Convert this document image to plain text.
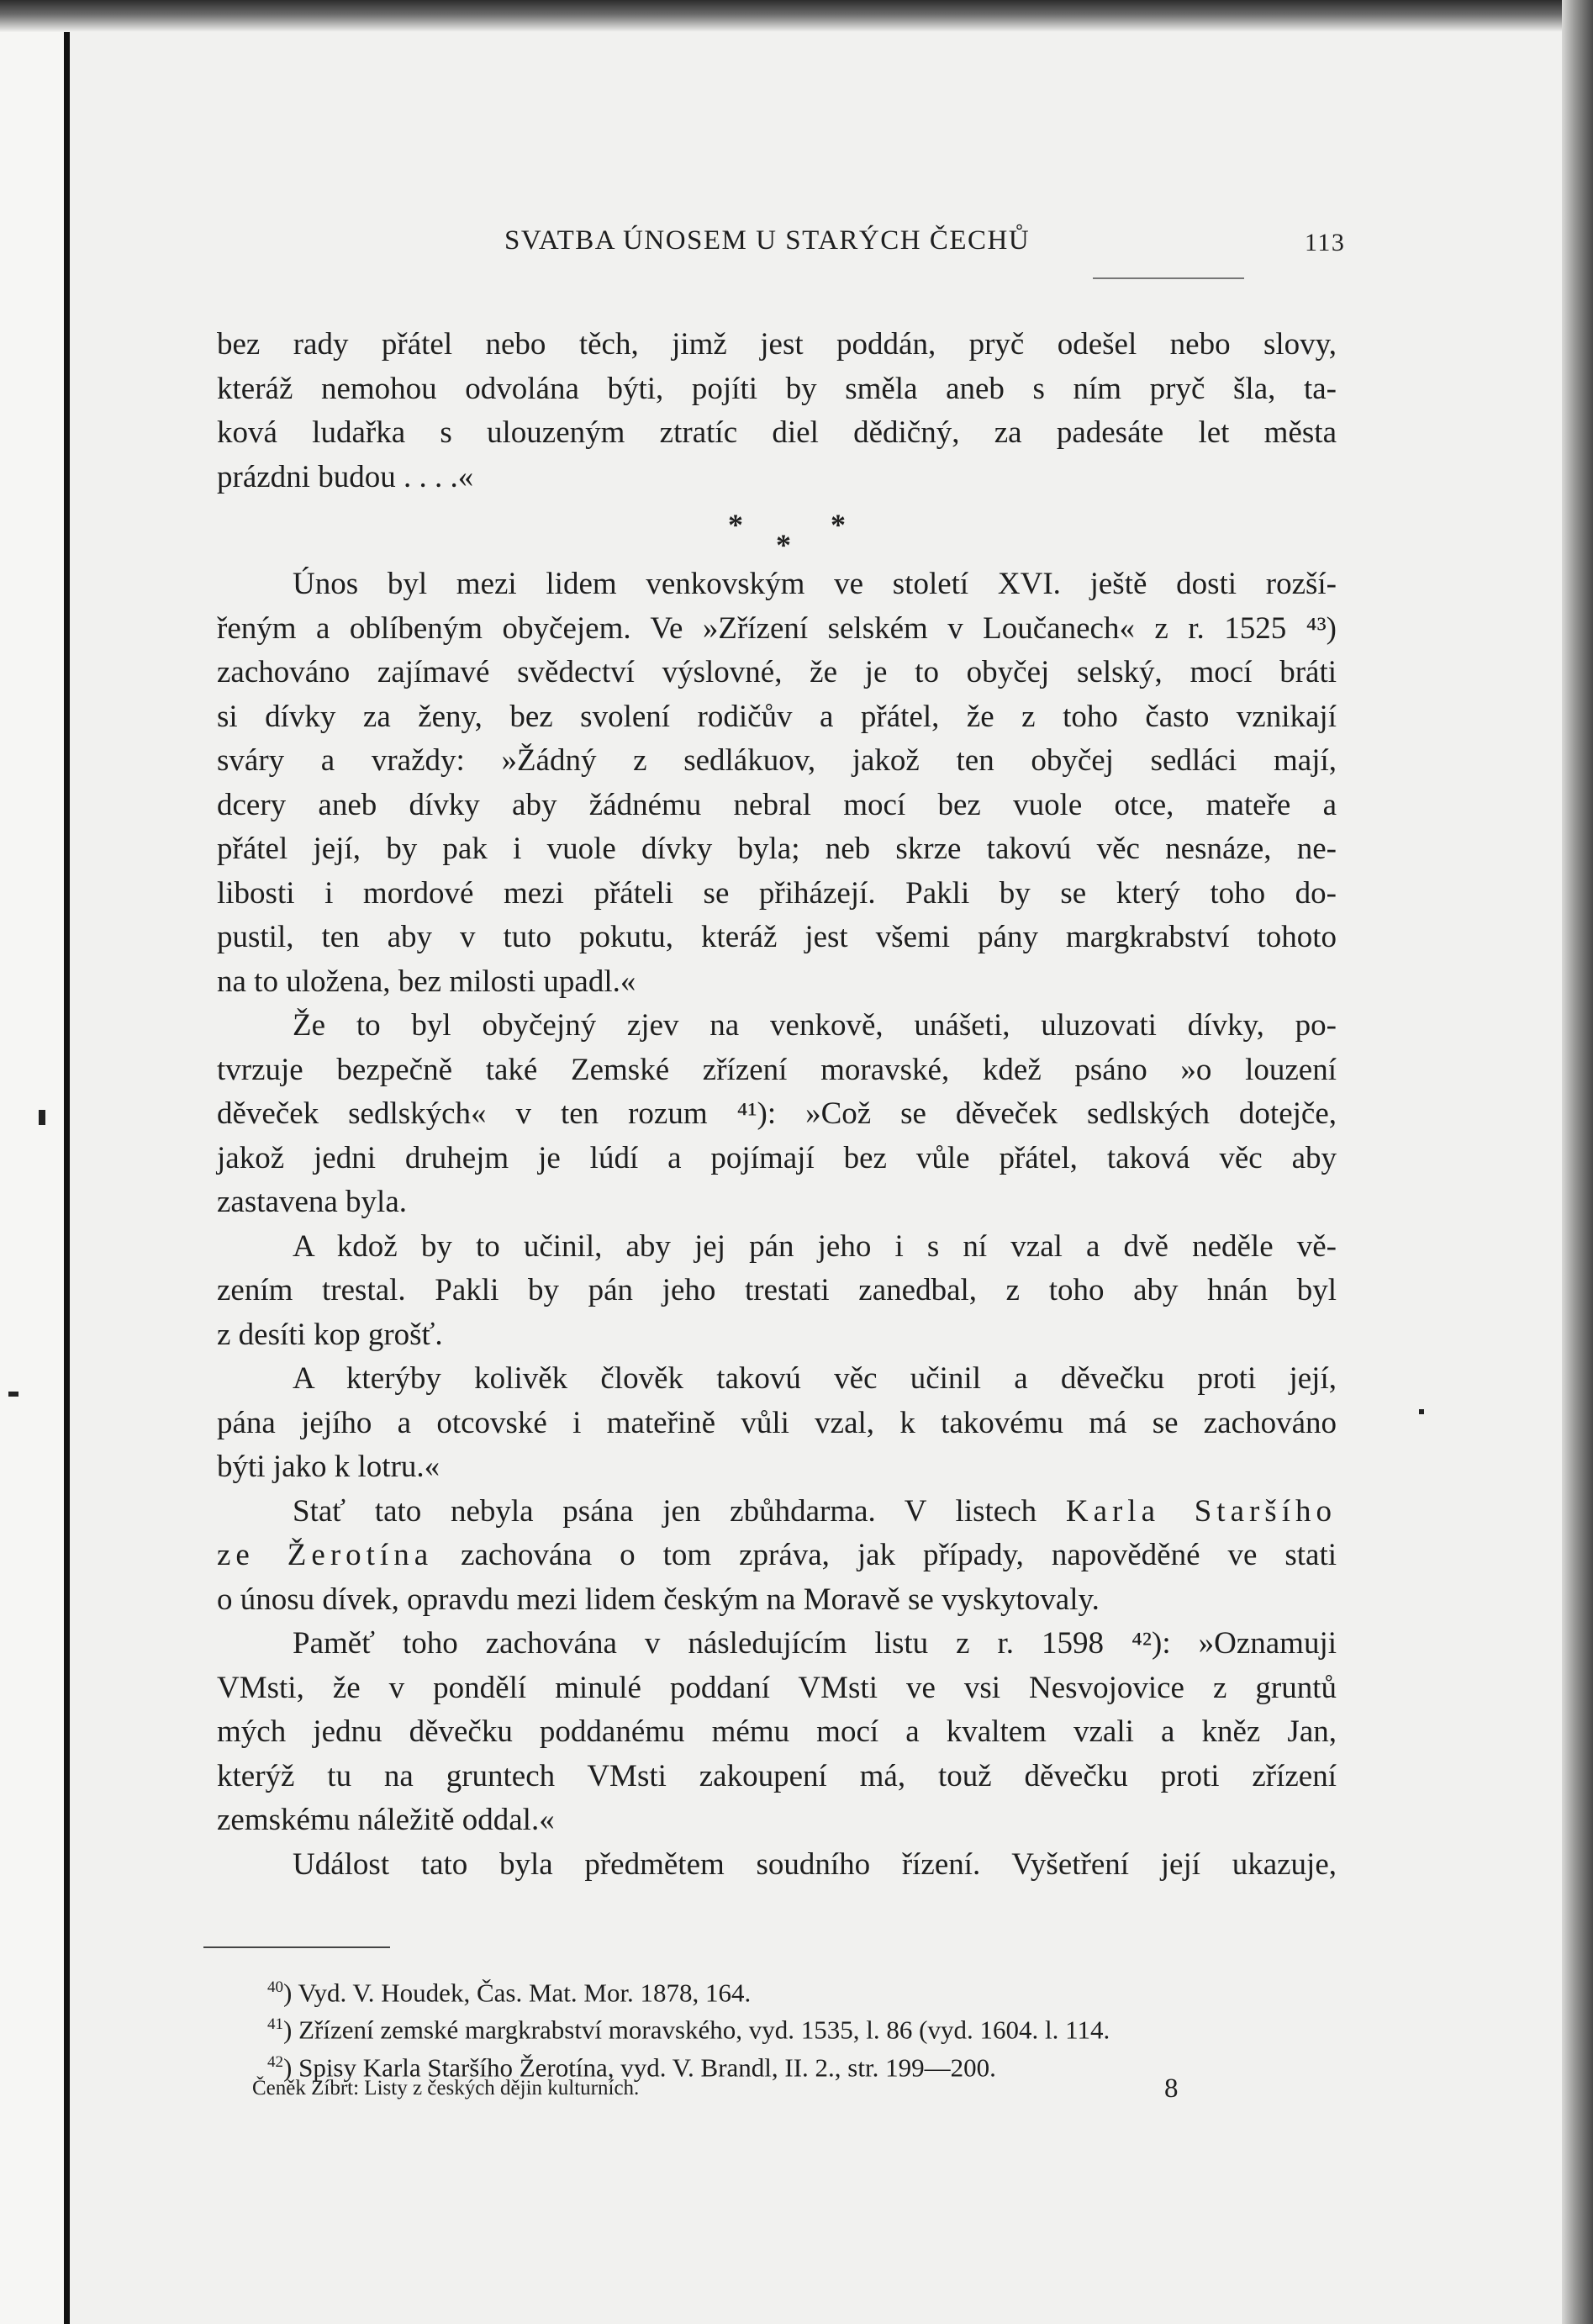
SVATBA ÚNOSEM U STARÝCH ČECHŮ	113

bez rady přátel nebo těch, jimž jest poddán, pryč odešel nebo slovy,

kteráž nemohou odvolána býti, pojíti by směla aneb s ním pryč šla, ta-

ková ludařka s ulouzeným ztratíc diel dědičný, za padesáte let města

prázdni budou . . . .«

*
*
*

Únos byl mezi lidem venkovským ve století XVI. ještě dosti rozší-

řeným a oblíbeným obyčejem. Ve »Zřízení selském v Loučanech« z r. 1525 ⁴³)

zachováno zajímavé svědectví výslovné, že je to obyčej selský, mocí bráti

si dívky za ženy, bez svolení rodičův a přátel, že z toho často vznikají

sváry a vraždy: »Žádný z sedlákuov, jakož ten obyčej sedláci mají,

dcery aneb dívky aby žádnému nebral mocí bez vuole otce, mateře a

přátel její, by pak i vuole dívky byla; neb skrze takovú věc nesnáze, ne-

libosti i mordové mezi přáteli se přiházejí. Pakli by se který toho do-

pustil, ten aby v tuto pokutu, kteráž jest všemi pány margkrabství tohoto

na to uložena, bez milosti upadl.«

Že to byl obyčejný zjev na venkově, unášeti, uluzovati dívky, po-

tvrzuje bezpečně také Zemské zřízení moravské, kdež psáno »o louzení

děveček sedlských« v ten rozum ⁴¹): »Což se děveček sedlských dotejče,

jakož jedni druhejm je lúdí a pojímají bez vůle přátel, taková věc aby

zastavena byla.

A kdož by to učinil, aby jej pán jeho i s ní vzal a dvě neděle vě-

zením trestal. Pakli by pán jeho trestati zanedbal, z toho aby hnán byl

z desíti kop grošť.

A kterýby kolivěk člověk takovú věc učinil a děvečku proti její,

pána jejího a otcovské i mateřině vůli vzal, k takovému má se zachováno

býti jako k lotru.«

Stať tato nebyla psána jen zbůhdarma. V listech Karla Staršího

ze Žerotína zachována o tom zpráva, jak případy, napověděné ve stati

o únosu dívek, opravdu mezi lidem českým na Moravě se vyskytovaly.

Paměť toho zachována v následujícím listu z r. 1598 ⁴²): »Oznamuji

VMsti, že v pondělí minulé poddaní VMsti ve vsi Nesvojovice z gruntů

mých jednu děvečku poddanému mému mocí a kvaltem vzali a kněz Jan,

kterýž tu na gruntech VMsti zakoupení má, touž děvečku proti zřízení

zemskému náležitě oddal.«

Událost tato byla předmětem soudního řízení. Vyšetření její ukazuje,

$^{40}$) Vyd. V. Houdek, Čas. Mat. Mor. 1878, 164.

$^{41}$) Zřízení zemské margkrabství moravského, vyd. 1535, l. 86 (vyd. 1604. l. 114.

$^{42}$) Spisy Karla Staršího Žerotína, vyd. V. Brandl, II. 2., str. 199—200.

Čeněk Zíbrt: Listy z českých dějin kulturních.	8
